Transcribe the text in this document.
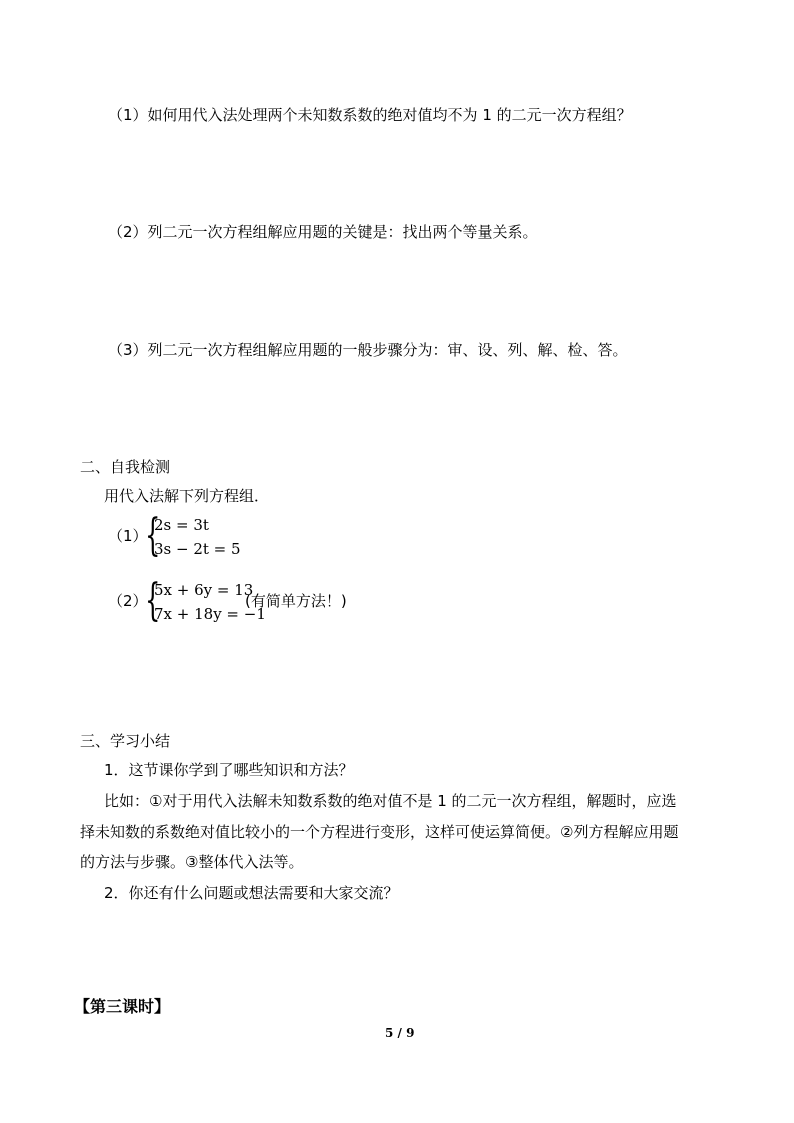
（1）如何用代入法处理两个未知数系数的绝对值均不为 1 的二元一次方程组？
（2）列二元一次方程组解应用题的关键是：找出两个等量关系。
（3）列二元一次方程组解应用题的一般步骤分为：审、设、列、解、检、答。
二、自我检测
用代入法解下列方程组．
（1）
{
2s = 3t
3s − 2t = 5
（2）
{
5x + 6y = 13
7x + 18y = −1
(有简单方法！)
三、学习小结
1．这节课你学到了哪些知识和方法？
比如：①对于用代入法解未知数系数的绝对值不是 1 的二元一次方程组，解题时，应选
择未知数的系数绝对值比较小的一个方程进行变形，这样可使运算简便。②列方程解应用题
的方法与步骤。③整体代入法等。
2．你还有什么问题或想法需要和大家交流？
【第三课时】
5 / 9
